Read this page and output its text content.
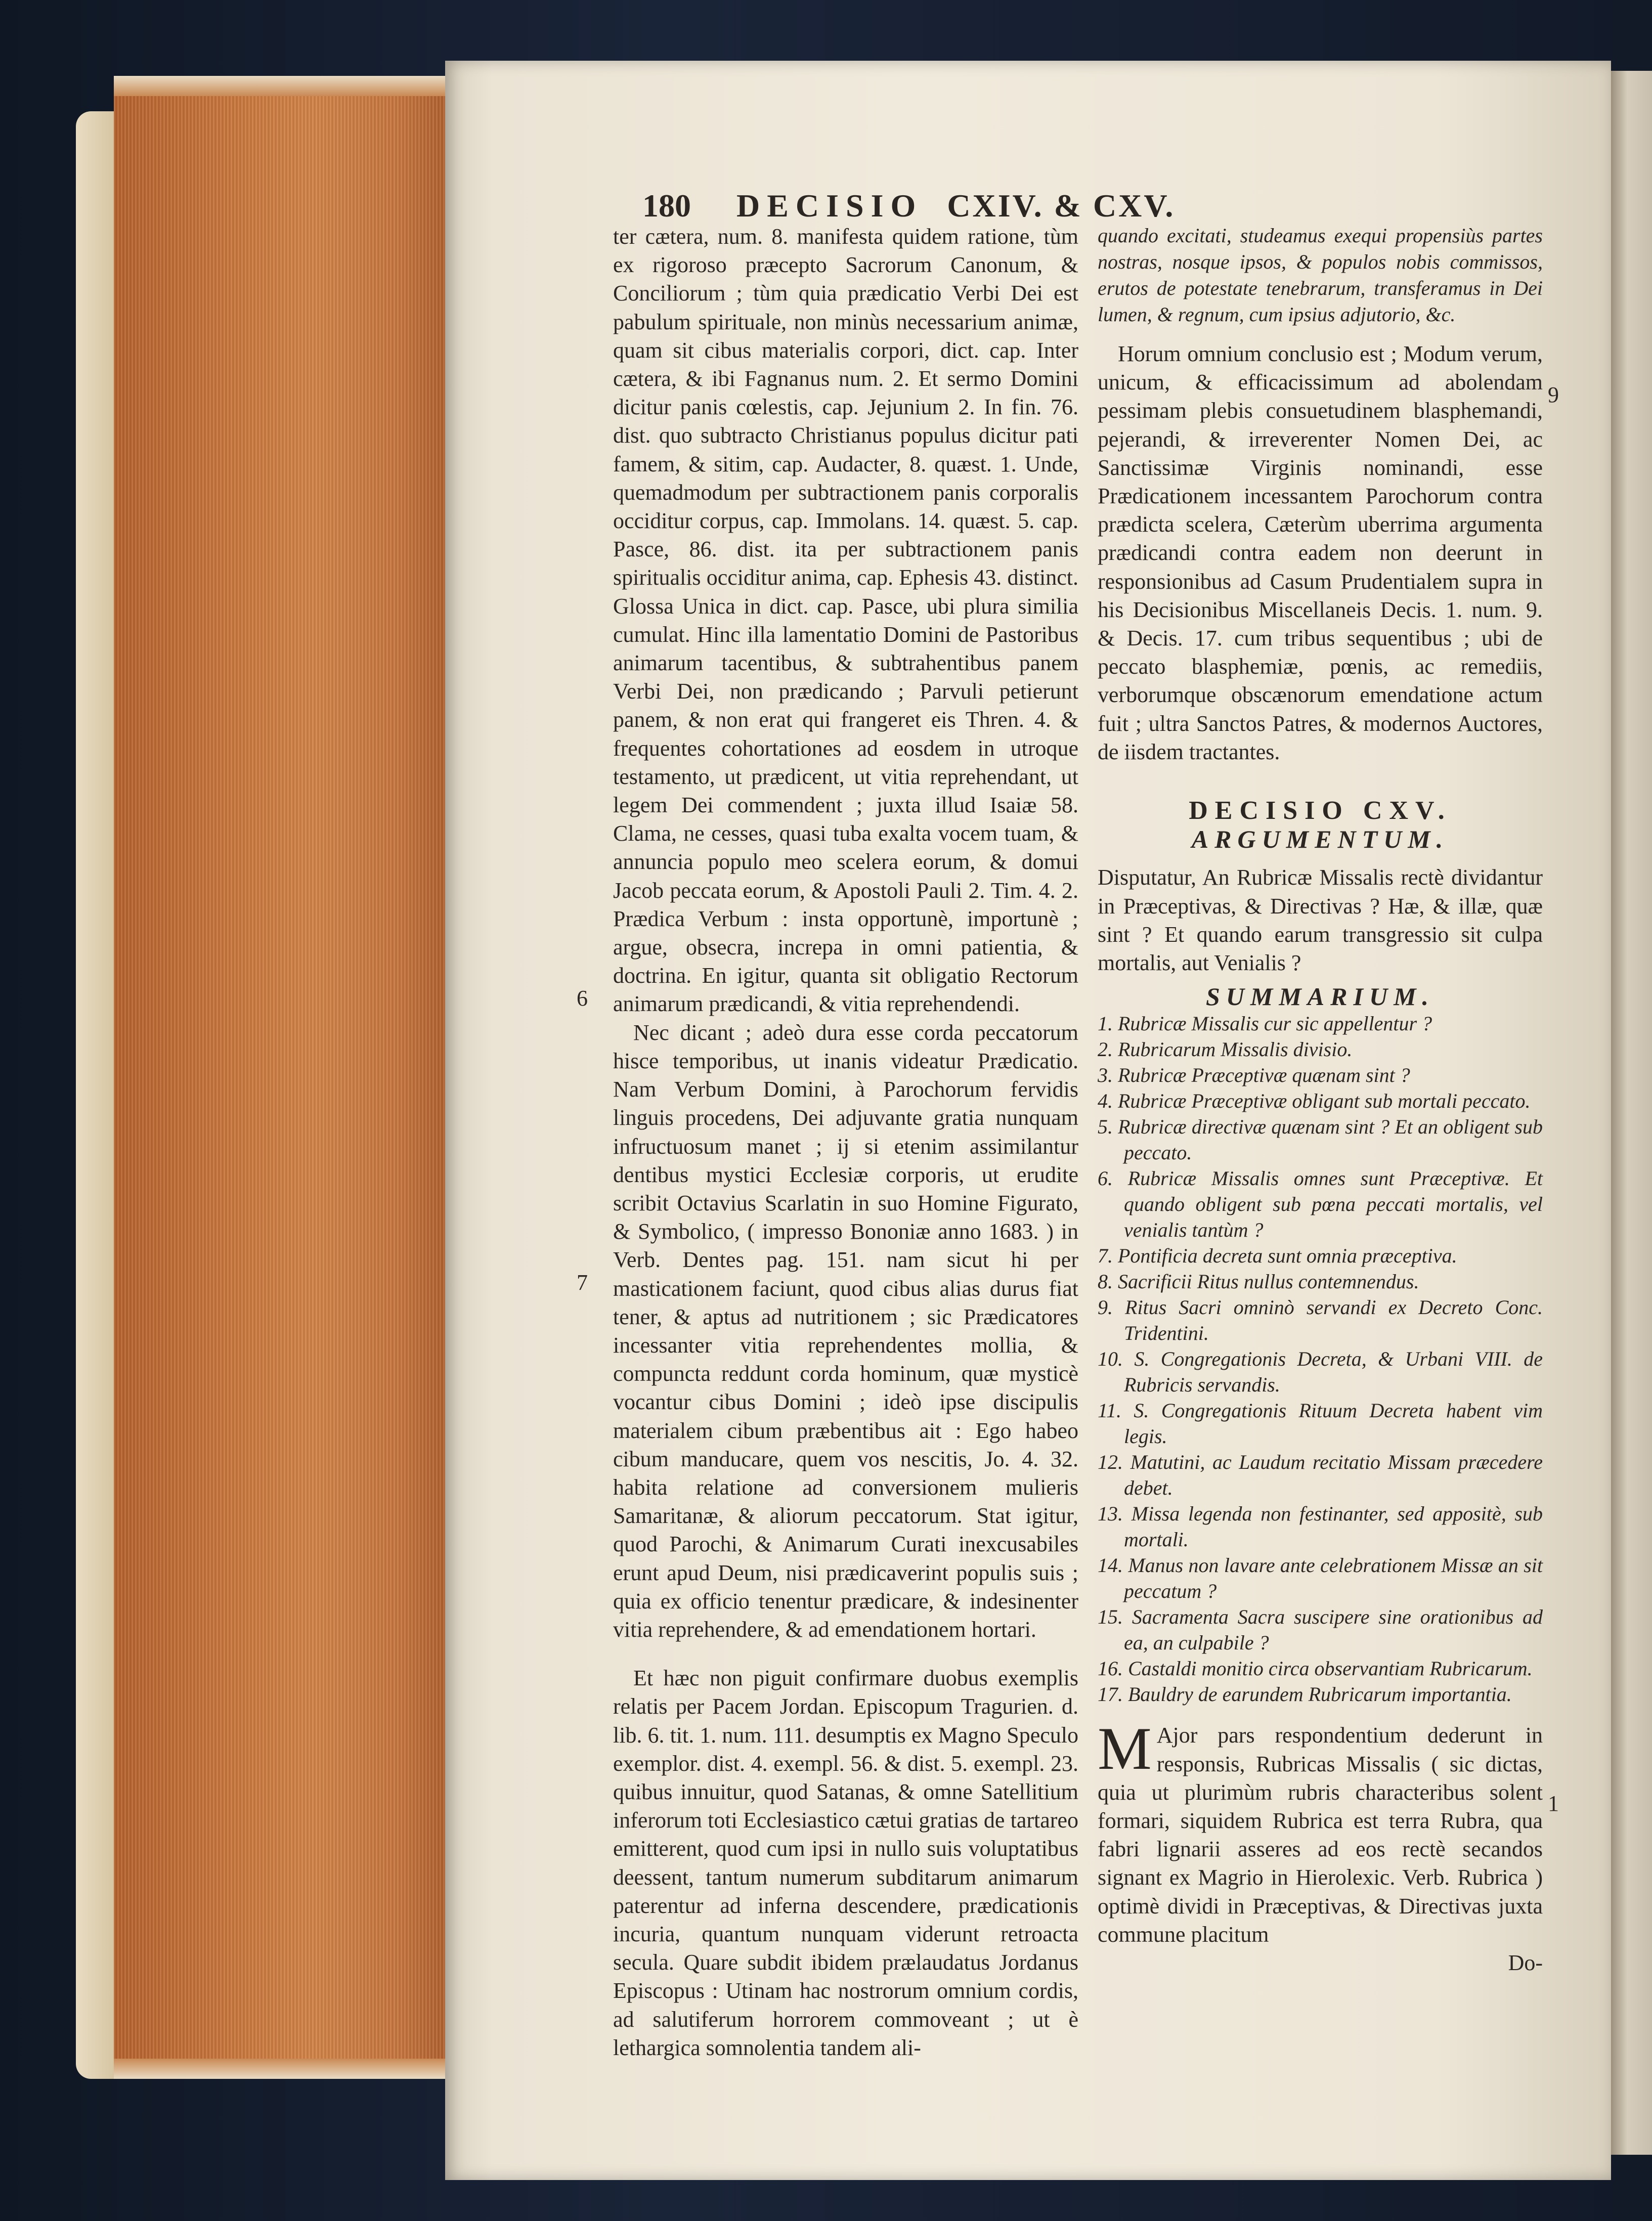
180 DECISIO CXIV. & CXV.

ter cætera, num. 8. manifesta quidem ratione, tùm ex rigoroso præcepto Sacrorum Canonum, & Conciliorum ; tùm quia prædicatio Verbi Dei est pabulum spirituale, non minùs necessarium animæ, quam sit cibus materialis corpori, dict. cap. Inter cætera, & ibi Fagnanus num. 2. Et sermo Domini dicitur panis cœlestis, cap. Jejunium 2. In fin. 76. dist. quo subtracto Christianus populus dicitur pati famem, & sitim, cap. Audacter, 8. quæst. 1. Unde, quemadmodum per subtractionem panis corporalis occiditur corpus, cap. Immolans. 14. quæst. 5. cap. Pasce, 86. dist. ita per subtractionem panis spiritualis occiditur anima, cap. Ephesis 43. distinct. Glossa Unica in dict. cap. Pasce, ubi plura similia cumulat. Hinc illa lamentatio Domini de Pastoribus animarum tacentibus, & subtrahentibus panem Verbi Dei, non prædicando ; Parvuli petierunt panem, & non erat qui frangeret eis Thren. 4. & frequentes cohortationes ad eosdem in utroque testamento, ut prædicent, ut vitia reprehendant, ut legem Dei commendent ; juxta illud Isaiæ 58. Clama, ne cesses, quasi tuba exalta vocem tuam, & annuncia populo meo scelera eorum, & domui Jacob peccata eorum, & Apostoli Pauli 2. Tim. 4. 2. Prædica Verbum : insta opportunè, importunè ; argue, obsecra, increpa in omni patientia, & doctrina. En igitur, quanta sit obligatio Rectorum animarum prædicandi, & vitia reprehendendi.

Nec dicant ; adeò dura esse corda peccatorum hisce temporibus, ut inanis videatur Prædicatio. Nam Verbum Domini, à Parochorum fervidis linguis procedens, Dei adjuvante gratia nunquam infructuosum manet ; ij si etenim assimilantur dentibus mystici Ecclesiæ corporis, ut erudite scribit Octavius Scarlatin in suo Homine Figurato, & Symbolico, ( impresso Bononiæ anno 1683. ) in Verb. Dentes pag. 151. nam sicut hi per masticationem faciunt, quod cibus alias durus fiat tener, & aptus ad nutritionem ; sic Prædicatores incessanter vitia reprehendentes mollia, & compuncta reddunt corda hominum, quæ mysticè vocantur cibus Domini ; ideò ipse discipulis materialem cibum præbentibus ait : Ego habeo cibum manducare, quem vos nescitis, Jo. 4. 32. habita relatione ad conversionem mulieris Samaritanæ, & aliorum peccatorum. Stat igitur, quod Parochi, & Animarum Curati inexcusabiles erunt apud Deum, nisi prædicaverint populis suis ; quia ex officio tenentur prædicare, & indesinenter vitia reprehendere, & ad emendationem hortari.

Et hæc non piguit confirmare duobus exemplis relatis per Pacem Jordan. Episcopum Tragurien. d. lib. 6. tit. 1. num. 111. desumptis ex Magno Speculo exemplor. dist. 4. exempl. 56. & dist. 5. exempl. 23. quibus innuitur, quod Satanas, & omne Satellitium inferorum toti Ecclesiastico cætui gratias de tartareo emitterent, quod cum ipsi in nullo suis voluptatibus deessent, tantum numerum subditarum animarum paterentur ad inferna descendere, prædicationis incuria, quantum nunquam viderunt retroacta secula. Quare subdit ibidem prælaudatus Jordanus Episcopus : Utinam hac nostrorum omnium cordis, ad salutiferum horrorem commoveant ; ut è lethargica somnolentia tandem ali-

6
7
9
1

quando excitati, studeamus exequi propensiùs partes nostras, nosque ipsos, & populos nobis commissos, erutos de potestate tenebrarum, transferamus in Dei lumen, & regnum, cum ipsius adjutorio, &c.

Horum omnium conclusio est ; Modum verum, unicum, & efficacissimum ad abolendam pessimam plebis consuetudinem blasphemandi, pejerandi, & irreverenter Nomen Dei, ac Sanctissimæ Virginis nominandi, esse Prædicationem incessantem Parochorum contra prædicta scelera, Cæterùm uberrima argumenta prædicandi contra eadem non deerunt in responsionibus ad Casum Prudentialem supra in his Decisionibus Miscellaneis Decis. 1. num. 9. & Decis. 17. cum tribus sequentibus ; ubi de peccato blasphemiæ, pœnis, ac remediis, verborumque obscænorum emendatione actum fuit ; ultra Sanctos Patres, & modernos Auctores, de iisdem tractantes.

DECISIO CXV.

ARGUMENTUM.

Disputatur, An Rubricæ Missalis rectè dividantur in Præceptivas, & Directivas ? Hæ, & illæ, quæ sint ? Et quando earum transgressio sit culpa mortalis, aut Venialis ?

SUMMARIUM.

1. Rubricæ Missalis cur sic appellentur ?
2. Rubricarum Missalis divisio.
3. Rubricæ Præceptivæ quænam sint ?
4. Rubricæ Præceptivæ obligant sub mortali peccato.
5. Rubricæ directivæ quænam sint ? Et an obligent sub peccato.
6. Rubricæ Missalis omnes sunt Præceptivæ. Et quando obligent sub pœna peccati mortalis, vel venialis tantùm ?
7. Pontificia decreta sunt omnia præceptiva.
8. Sacrificii Ritus nullus contemnendus.
9. Ritus Sacri omninò servandi ex Decreto Conc. Tridentini.
10. S. Congregationis Decreta, & Urbani VIII. de Rubricis servandis.
11. S. Congregationis Rituum Decreta habent vim legis.
12. Matutini, ac Laudum recitatio Missam præcedere debet.
13. Missa legenda non festinanter, sed appositè, sub mortali.
14. Manus non lavare ante celebrationem Missæ an sit peccatum ?
15. Sacramenta Sacra suscipere sine orationibus ad ea, an culpabile ?
16. Castaldi monitio circa observantiam Rubricarum.
17. Bauldry de earundem Rubricarum importantia.

M Ajor pars respondentium dederunt in responsis, Rubricas Missalis ( sic dictas, quia ut plurimùm rubris characteribus solent formari, siquidem Rubrica est terra Rubra, qua fabri lignarii asseres ad eos rectè secandos signant ex Magrio in Hierolexic. Verb. Rubrica ) optimè dividi in Præceptivas, & Directivas juxta commune placitum

Do-
